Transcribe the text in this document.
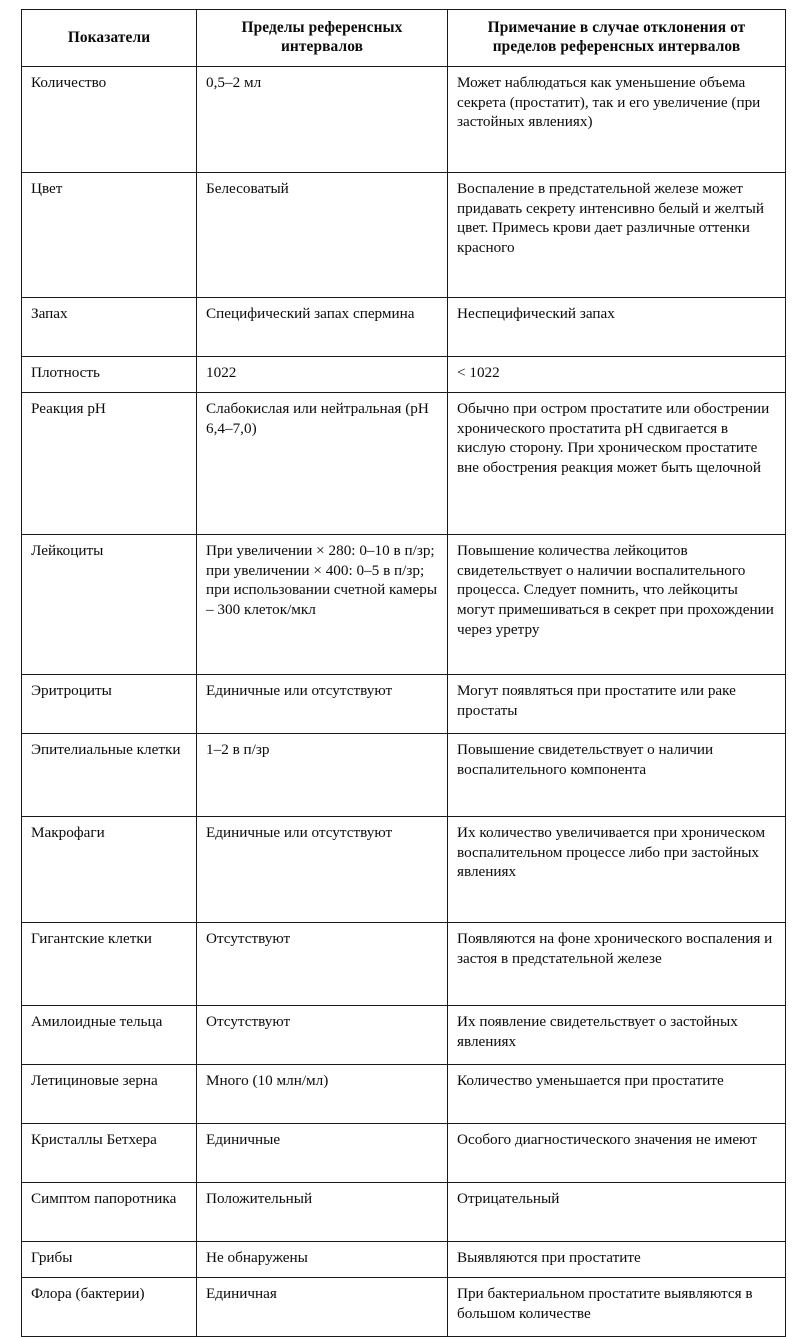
Показатели	Пределы референсных интервалов	Примечание в случае отклонения от пределов референсных интервалов
Количество	0,5–2 мл	Может наблюдаться как уменьшение объема секрета (простатит), так и его увеличение (при застойных явлениях)
Цвет	Белесоватый	Воспаление в предстательной железе может придавать секрету интенсивно белый и желтый цвет. Примесь крови дает различные оттенки красного
Запах	Специфический запах спермина	Неспецифический запах
Плотность	1022	< 1022
Реакция рН	Слабокислая или нейтральная (рН 6,4–7,0)	Обычно при остром простатите или обострении хронического простатита рН сдвигается в кислую сторону. При хроническом простатите вне обострения реакция может быть щелочной
Лейкоциты	При увеличении × 280: 0–10 в п/зр; при увеличении × 400: 0–5 в п/зр; при использовании счетной камеры – 300 клеток/мкл	Повышение количества лейкоцитов свидетельствует о наличии воспалительного процесса. Следует помнить, что лейкоциты могут примешиваться в секрет при прохождении через уретру
Эритроциты	Единичные или отсутствуют	Могут появляться при простатите или раке простаты
Эпителиальные клетки	1–2 в п/зр	Повышение свидетельствует о наличии воспалительного компонента
Макрофаги	Единичные или отсутствуют	Их количество увеличивается при хроническом воспалительном процессе либо при застойных явлениях
Гигантские клетки	Отсутствуют	Появляются на фоне хронического воспаления и застоя в предстательной железе
Амилоидные тельца	Отсутствуют	Их появление свидетельствует о застойных явлениях
Летициновые зерна	Много (10 млн/мл)	Количество уменьшается при простатите
Кристаллы Бетхера	Единичные	Особого диагностического значения не имеют
Симптом папоротника	Положительный	Отрицательный
Грибы	Не обнаружены	Выявляются при простатите
Флора (бактерии)	Единичная	При бактериальном простатите выявляются в большом количестве
